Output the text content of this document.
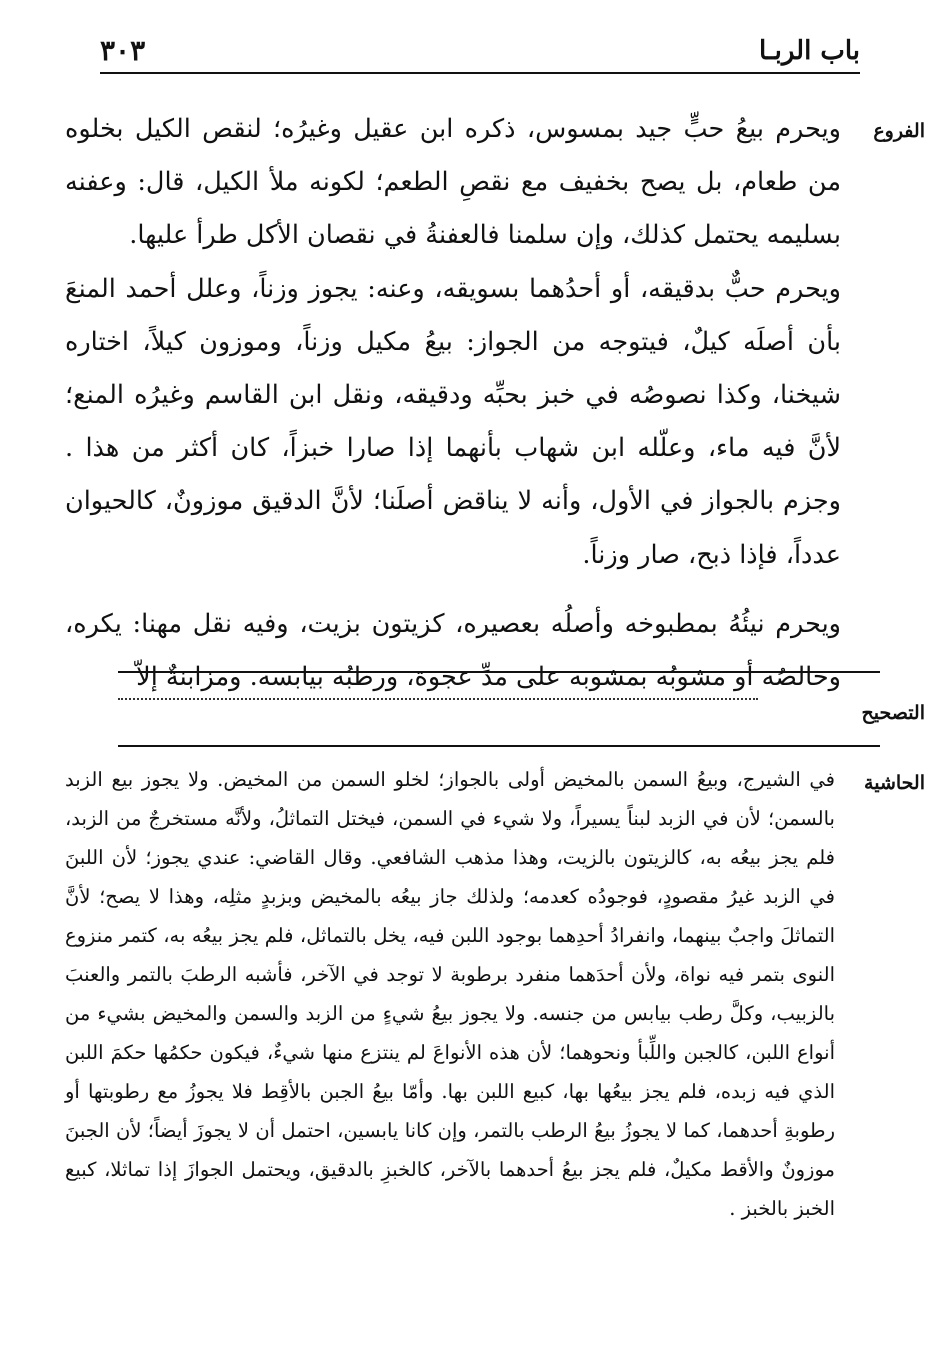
باب الربـا
٣٠٣
الفروع

ويحرم بيعُ حبٍّ جيد بمسوس، ذكره ابن عقيل وغيرُه؛ لنقص الكيل بخلوه من طعام، بل يصح بخفيف مع نقصِ الطعم؛ لكونه ملأ الكيل، قال: وعفنه بسليمه يحتمل كذلك، وإن سلمنا فالعفنةُ في نقصان الأكل طرأ عليها.

ويحرم حبٌّ بدقيقه، أو أحدُهما بسويقه، وعنه: يجوز وزناً، وعلل أحمد المنعَ بأن أصلَه كيلٌ، فيتوجه من الجواز: بيعُ مكيل وزناً، وموزون كيلاً، اختاره شيخنا، وكذا نصوصُه في خبز بحبِّه ودقيقه، ونقل ابن القاسم وغيرُه المنع؛ لأنَّ فيه ماء، وعلّله ابن شهاب بأنهما إذا صارا خبزاً، كان أكثر من هذا . وجزم بالجواز في الأول، وأنه لا يناقض أصلَنا؛ لأنَّ الدقيق موزونٌ، كالحيوان عدداً، فإذا ذبح، صار وزناً.

ويحرم نيئُهُ بمطبوخه وأصلُه بعصيره، كزيتون بزيت، وفيه نقل مهنا: يكره، وخالصُه أو مشوبُه بمشوبه على مدِّ عجوة، ورطبُه بيابسه. ومزابنةٌ إلاّ

التصحيح
الحاشية

في الشيرج، وبيعُ السمن بالمخيض أولى بالجواز؛ لخلو السمن من المخيض. ولا يجوز بيع الزبد بالسمن؛ لأن في الزبد لبناً يسيراً، ولا شيء في السمن، فيختل التماثلُ، ولأنَّه مستخرجٌ من الزبد، فلم يجز بيعُه به، كالزيتون بالزيت، وهذا مذهب الشافعي. وقال القاضي: عندي يجوز؛ لأن اللبنَ في الزبد غيرُ مقصودٍ، فوجودُه كعدمه؛ ولذلك جاز بيعُه بالمخيض وبزبدٍ مثلِه، وهذا لا يصح؛ لأنَّ التماثلَ واجبٌ بينهما، وانفرادُ أحدِهما بوجود اللبن فيه، يخل بالتماثل، فلم يجز بيعُه به، كتمر منزوع النوى بتمر فيه نواة، ولأن أحدَهما منفرد برطوبة لا توجد في الآخر، فأشبه الرطبَ بالتمر والعنبَ بالزبيب، وكلَّ رطب بيابس من جنسه. ولا يجوز بيعُ شيءٍ من الزبد والسمن والمخيض بشيء من أنواع اللبن، كالجبن واللِّبأ ونحوهما؛ لأن هذه الأنواعَ لم ينتزع منها شيءٌ، فيكون حكمُها حكمَ اللبن الذي فيه زبده، فلم يجز بيعُها بها، كبيع اللبن بها. وأمّا بيعُ الجبن بالأقِط فلا يجوزُ مع رطوبتها أو رطوبةِ أحدهما، كما لا يجوزُ بيعُ الرطب بالتمر، وإن كانا يابسين، احتمل أن لا يجوزَ أيضاً؛ لأن الجبنَ موزونٌ والأقط مكيلٌ، فلم يجز بيعُ أحدهما بالآخر، كالخبزِ بالدقيق، ويحتمل الجوازَ إذا تماثلا، كبيع الخبز بالخبز .
